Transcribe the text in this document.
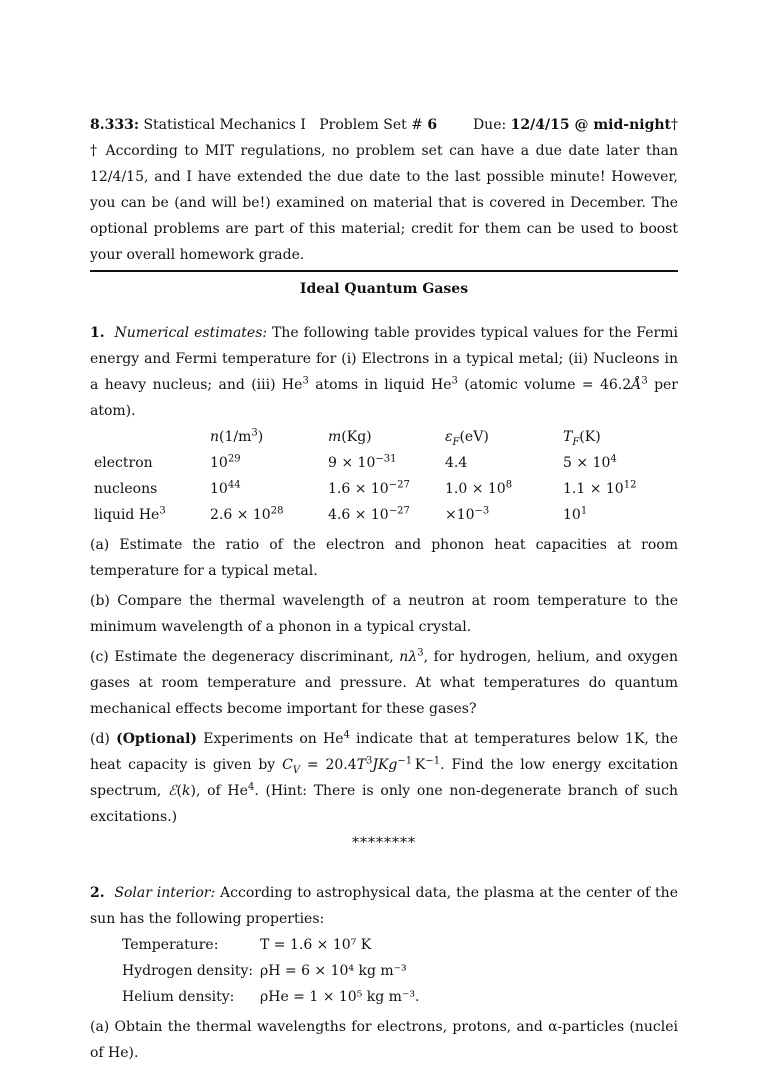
8.333: Statistical Mechanics I Problem Set # 6	Due: 12/4/15 @ mid-night†
† According to MIT regulations, no problem set can have a due date later than 12/4/15, and I have extended the due date to the last possible minute! However, you can be (and will be!) examined on material that is covered in December. The optional problems are part of this material; credit for them can be used to boost your overall homework grade.
Ideal Quantum Gases
1. Numerical estimates: The following table provides typical values for the Fermi energy and Fermi temperature for (i) Electrons in a typical metal; (ii) Nucleons in a heavy nucleus; and (iii) He$^3$ atoms in liquid He$^3$ (atomic volume = $46.2Å^3$ per atom).
	$n(1/m^3)$	m(Kg)	$\varepsilon_F(eV)$	$T_F(K)$
electron	$10^{29}$	$9 \times 10^{-31}$	4.4	$5 \times 10^4$
nucleons	$10^{44}$	$1.6 \times 10^{-27}$	$1.0 \times 10^8$	$1.1 \times 10^{12}$
liquid He$^3$	$2.6 \times 10^{28}$	$4.6 \times 10^{-27}$	$\times 10^{-3}$	$10^1$
(a) Estimate the ratio of the electron and phonon heat capacities at room temperature for a typical metal.
(b) Compare the thermal wavelength of a neutron at room temperature to the minimum wavelength of a phonon in a typical crystal.
(c) Estimate the degeneracy discriminant, $n\lambda^3$, for hydrogen, helium, and oxygen gases at room temperature and pressure. At what temperatures do quantum mechanical effects become important for these gases?
(d) (Optional) Experiments on He$^4$ indicate that at temperatures below 1K, the heat capacity is given by $C_V = 20.4T^3JKg^{-1}$ $K^{-1}$. Find the low energy excitation spectrum, ℰ(k), of He$^4$. (Hint: There is only one non-degenerate branch of such excitations.)
********
2. Solar interior: According to astrophysical data, the plasma at the center of the sun has the following properties:
Temperature:	T = 1.6 × 10⁷ K
Hydrogen density: ρH = 6 × 10⁴ kg m⁻³
Helium density:	ρHe = 1 × 10⁵ kg m⁻³.
(a) Obtain the thermal wavelengths for electrons, protons, and α-particles (nuclei of He).
